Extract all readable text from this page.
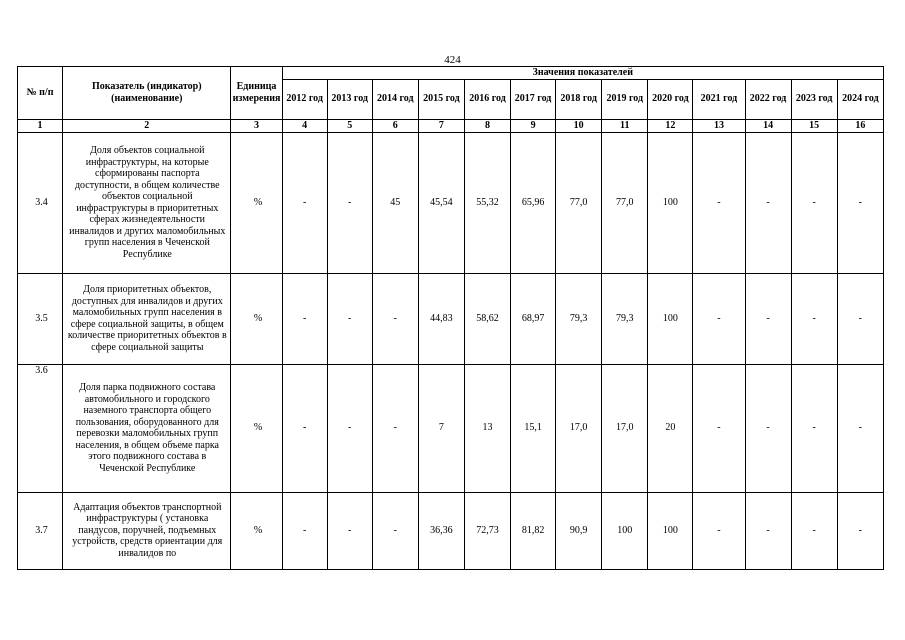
424
№ п/п	Показатель (индикатор) (наименование)	Единица измерения	Значения показателей												
			2012 год	2013 год	2014 год	2015 год	2016 год	2017 год	2018 год	2019 год	2020 год	2021 год	2022 год	2023 год	2024 год
1	2	3	4	5	6	7	8	9	10	11	12	13	14	15	16
3.4	Доля объектов социальной инфраструктуры, на которые сформированы паспорта доступности, в общем количестве объектов социальной инфраструктуры в приоритетных сферах жизнедеятельности инвалидов и других маломобильных групп населения в Чеченской Республике	%	-	-	45	45,54	55,32	65,96	77,0	77,0	100	-	-	-	-
3.5	Доля приоритетных объектов, доступных для инвалидов и других маломобильных групп населения в сфере социальной защиты, в общем количестве приоритетных объектов в сфере социальной защиты	%	-	-	-	44,83	58,62	68,97	79,3	79,3	100	-	-	-	-
3.6	Доля парка подвижного состава автомобильного и городского наземного транспорта общего пользования, оборудованного для перевозки маломобильных групп населения, в общем объеме парка этого подвижного состава в Чеченской Республике	%	-	-	-	7	13	15,1	17,0	17,0	20	-	-	-	-
3.7	Адаптация объектов транспортной инфраструктуры ( установка пандусов, поручней, подъемных устройств, средств ориентации для инвалидов по	%	-	-	-	36,36	72,73	81,82	90,9	100	100	-	-	-	-
